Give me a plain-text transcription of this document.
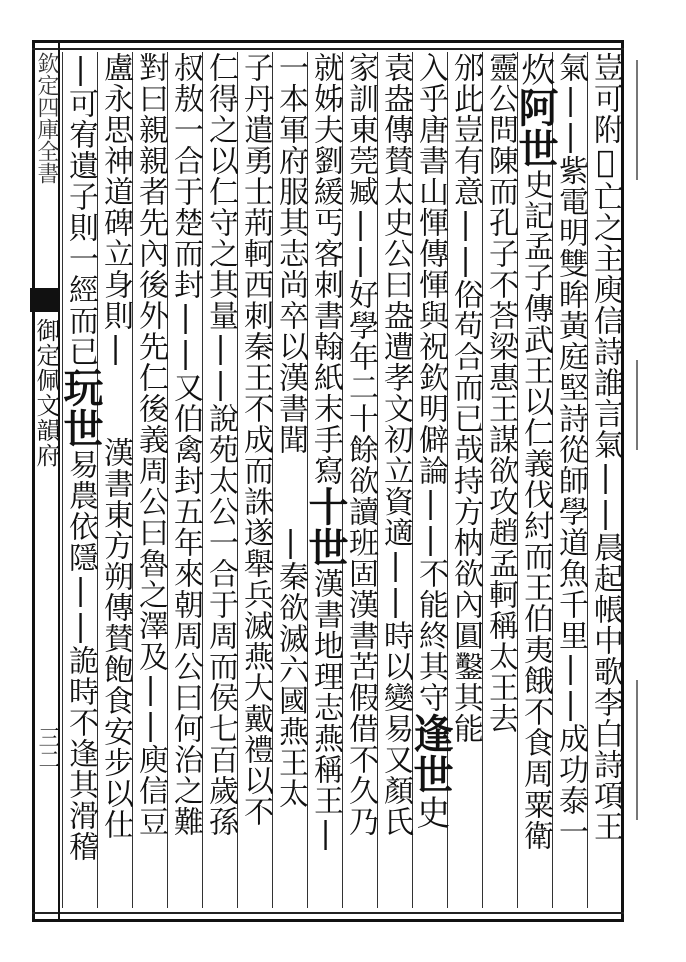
欽定四庫全書
御定佩文韻府
三二	豈可附𤼵亡之主庾信詩誰言氣||晨起帳中歌李白詩項王
氣||紫電明雙眸黃庭堅詩從師學道魚千里||成功泰一
炊阿世史記孟子傳武王以仁義伐紂而王伯夷餓不食周粟衛
靈公問陳而孔子不荅梁惠王謀欲攻趙孟軻稱太王去
邠此豈有意||俗苟合而已哉持方枘欲內圓鑿其能
入乎唐書山惲傳惲與祝欽明僻論||不能終其守逢世史
袁盎傳賛太史公曰盎遭孝文初立資適||時以變易又顏氏
家訓東莞臧||好學年二十餘欲讀班固漢書苦假借不久乃
就姊夫劉緩丐客刺書翰紙末手寫十世漢書地理志燕稱王|
一本軍府服其志尚卒以漢書聞|秦欲滅六國燕王太
子丹遣勇士荊軻西刺秦王不成而誅遂舉兵滅燕大戴禮以不
仁得之以仁守之其量||說苑太公一合于周而侯七百歲孫
叔敖一合于楚而封||又伯禽封五年來朝周公曰何治之難
對曰親親者先內後外先仁後義周公曰魯之澤及||庾信豆
盧永思神道碑立身則|漢書東方朔傳賛飽食安步以仕
|可宥遺子則一經而已玩世易農依隱||詭時不逢其滑稽
